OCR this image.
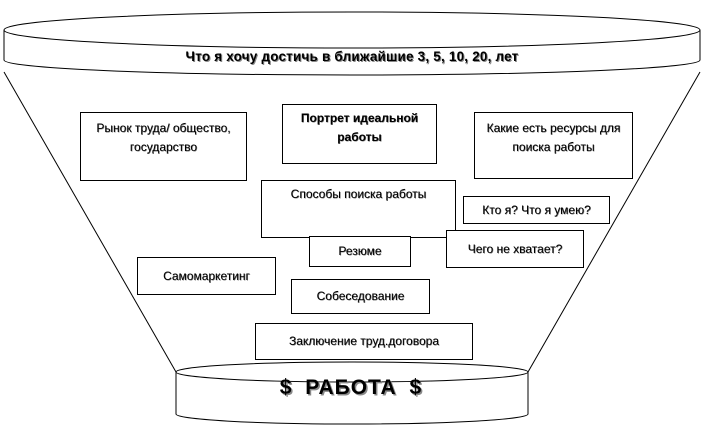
Что я хочу достичь в ближайшие 3, 5, 10, 20, лет
Рынок труда/ общество, государство
Портрет идеальной работы
Какие есть ресурсы для поиска работы
Способы поиска работы
Кто я? Что я умею?
Резюме	Чего не хватает?
Самомаркетинг
Собеседование
Заключение труд.договора
$ РАБОТА $
